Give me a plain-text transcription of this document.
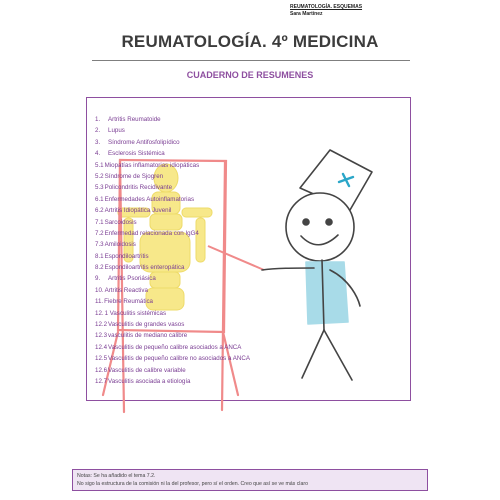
REUMATOLOGÍA. ESQUEMAS
Sara Martínez
REUMATOLOGÍA. 4º MEDICINA
CUADERNO DE RESUMENES
1. Artritis Reumatoide
2. Lupus
3. Síndrome Antifosfolipídico
4. Esclerosis Sistémica
5.1Miopatías inflamatorias idiopáticas
5.2Síndrome de Sjogren
5.3Policondritis Recidivante
6.1Enfermedades Autoinflamatorias
6.2Artritis Idiopática Juvenil
7.1Sarcoidosis
7.2Enfermedad relacionada con IgG4
7.3Amiloidosis
8.1Espondiloartritis
8.2Espondiloartritis enteropática
9. Artritis Psoriásica
10.Artritis Reactiva
11.Fiebre Reumática
12.1 Vasculitis sistémicas
12.2Vasculitis de grandes vasos
12.3vasculitis de mediano calibre
12.4Vasculitis de pequeño calibre asociados a ANCA
12.5Vasculitis de pequeño calibre no asociados a ANCA
12.6Vasculitis de calibre variable
12.7Vasculitis asociada a etiología
Notas: Se ha añadido el tema 7.2.
No sigo la estructura de la comisión ni la del profesor, pero sí el orden. Creo que así se ve más claro
